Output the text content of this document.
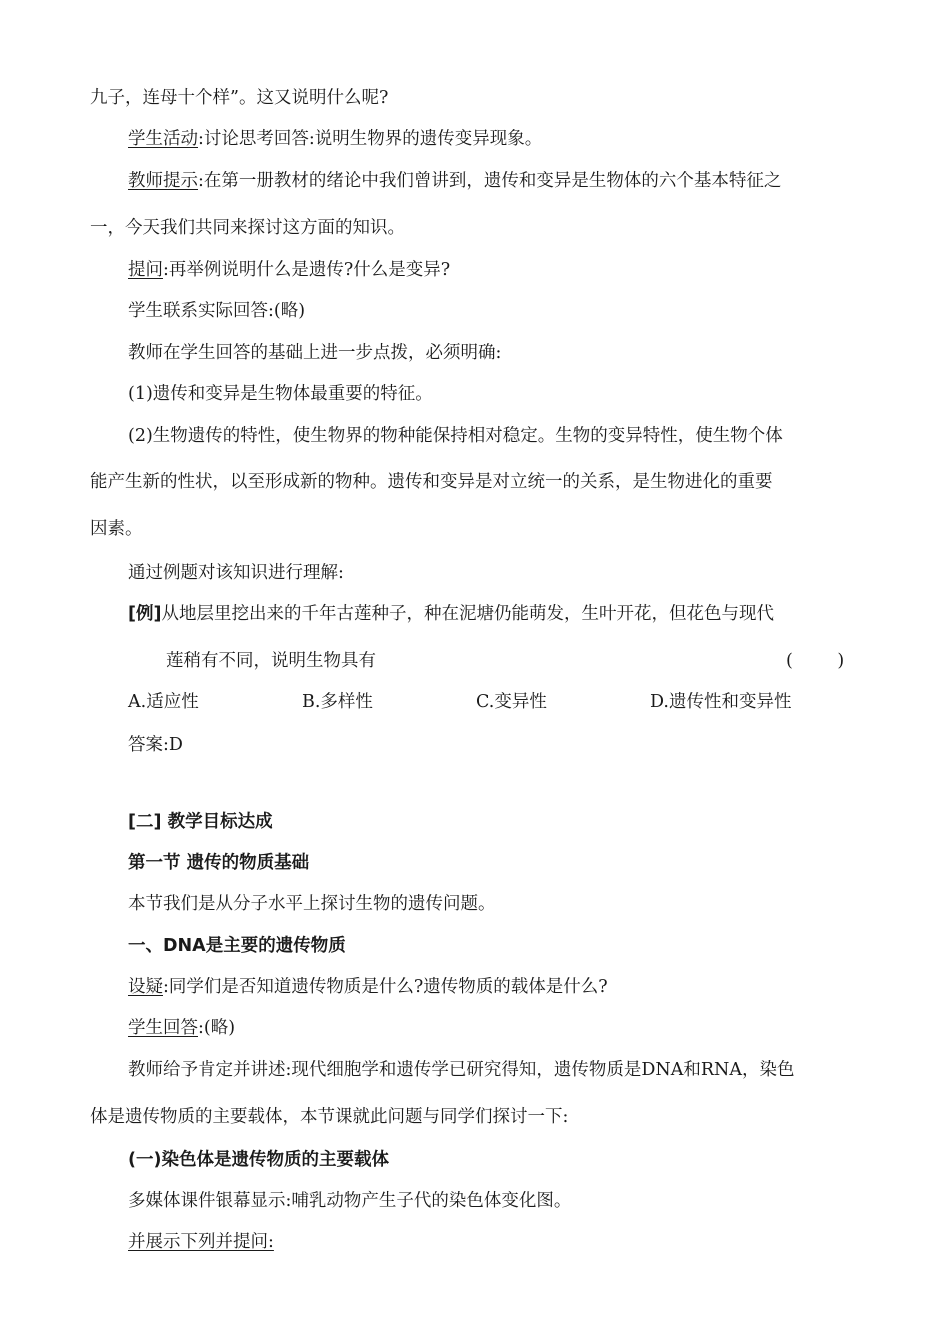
九子，连母十个样”。这又说明什么呢?
学生活动:讨论思考回答:说明生物界的遗传变异现象。
教师提示:在第一册教材的绪论中我们曾讲到，遗传和变异是生物体的六个基本特征之
一，今天我们共同来探讨这方面的知识。
提问:再举例说明什么是遗传?什么是变异?
学生联系实际回答:(略)
教师在学生回答的基础上进一步点拨，必须明确:
(1)遗传和变异是生物体最重要的特征。
(2)生物遗传的特性，使生物界的物种能保持相对稳定。生物的变异特性，使生物个体
能产生新的性状，以至形成新的物种。遗传和变异是对立统一的关系，是生物进化的重要
因素。
通过例题对该知识进行理解:
[例]从地层里挖出来的千年古莲种子，种在泥塘仍能萌发，生叶开花，但花色与现代
莲稍有不同，说明生物具有	(        )
A.适应性	B.多样性	C.变异性	D.遗传性和变异性
答案:D
[二] 教学目标达成
第一节 遗传的物质基础
本节我们是从分子水平上探讨生物的遗传问题。
一、DNA是主要的遗传物质
设疑:同学们是否知道遗传物质是什么?遗传物质的载体是什么?
学生回答:(略)
教师给予肯定并讲述:现代细胞学和遗传学已研究得知，遗传物质是DNA和RNA，染色
体是遗传物质的主要载体，本节课就此问题与同学们探讨一下:
(一)染色体是遗传物质的主要载体
多媒体课件银幕显示:哺乳动物产生子代的染色体变化图。
并展示下列并提问:
